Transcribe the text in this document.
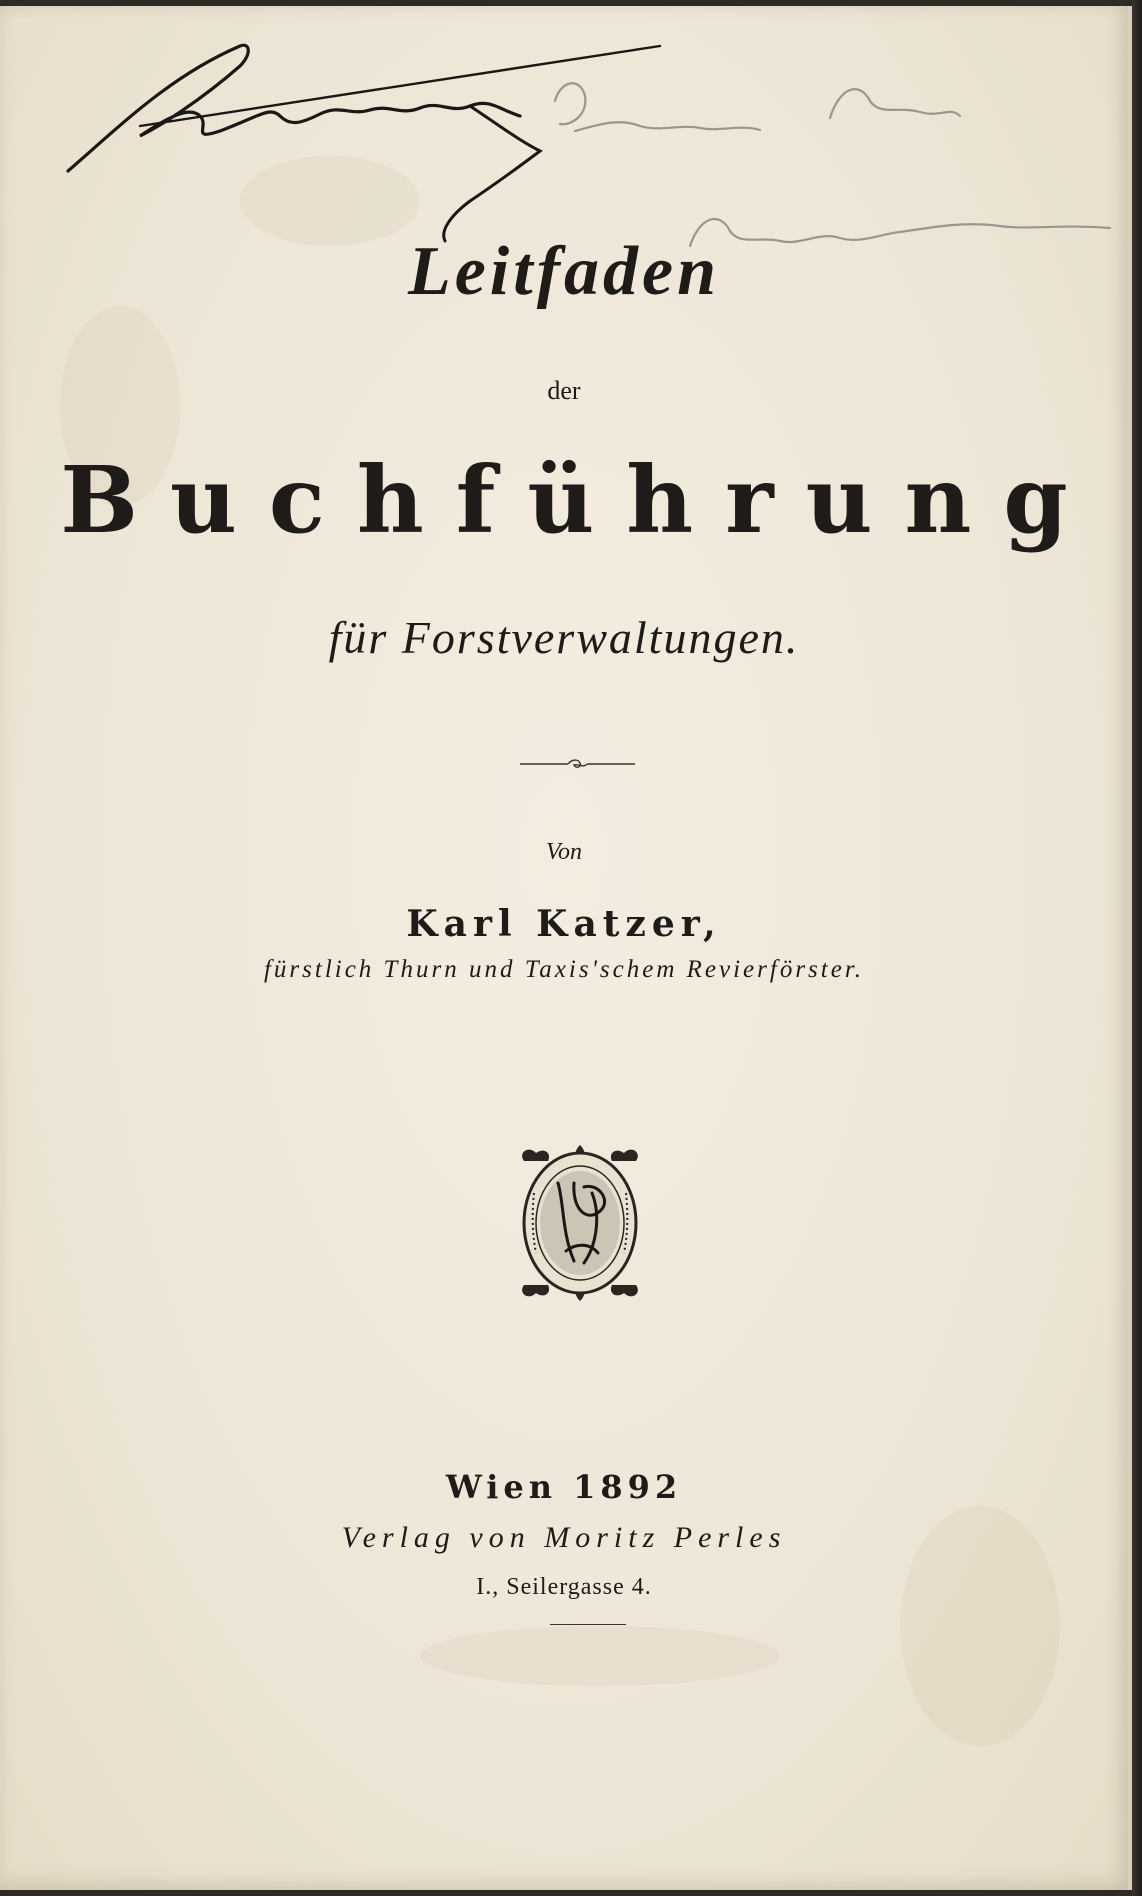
Leitfaden
der
Buchführung
für Forstverwaltungen.
Von
Karl Katzer,
fürstlich Thurn und Taxis'schem Revierförster.
Wien 1892
Verlag von Moritz Perles
I., Seilergasse 4.
